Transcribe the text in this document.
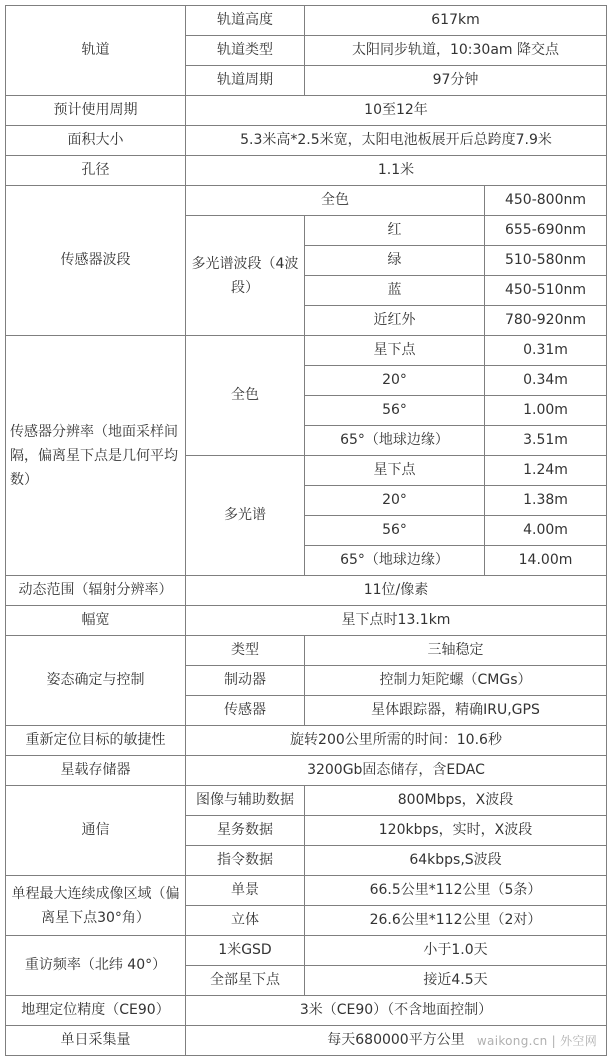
轨道	轨道高度	617km	
	轨道类型	太阳同步轨道，10:30am 降交点	
	轨道周期	97分钟	
预计使用周期	10至12年		
面积大小	5.3米高*2.5米宽，太阳电池板展开后总跨度7.9米		
孔径	1.1米		
传感器波段	全色		450-800nm
	多光谱波段（4波段）	红	655-690nm
		绿	510-580nm
		蓝	450-510nm
		近红外	780-920nm
传感器分辨率（地面采样间隔，偏离星下点是几何平均数）	全色	星下点	0.31m
		20°	0.34m
		56°	1.00m
		65°（地球边缘）	3.51m
	多光谱	星下点	1.24m
		20°	1.38m
		56°	4.00m
		65°（地球边缘）	14.00m
动态范围（辐射分辨率）	11位/像素		
幅宽	星下点时13.1km		
姿态确定与控制	类型	三轴稳定	
	制动器	控制力矩陀螺（CMGs）	
	传感器	星体跟踪器，精确IRU,GPS	
重新定位目标的敏捷性	旋转200公里所需的时间：10.6秒		
星载存储器	3200Gb固态储存，含EDAC		
通信	图像与辅助数据	800Mbps，X波段	
	星务数据	120kbps，实时，X波段	
	指令数据	64kbps,S波段	
单程最大连续成像区域（偏离星下点30°角）	单景	66.5公里*112公里（5条）	
	立体	26.6公里*112公里（2对）	
重访频率（北纬 40°）	1米GSD	小于1.0天	
	全部星下点	接近4.5天	
地理定位精度（CE90）	3米（CE90）（不含地面控制）		
单日采集量	每天680000平方公里		waikong.cn | 外空网
